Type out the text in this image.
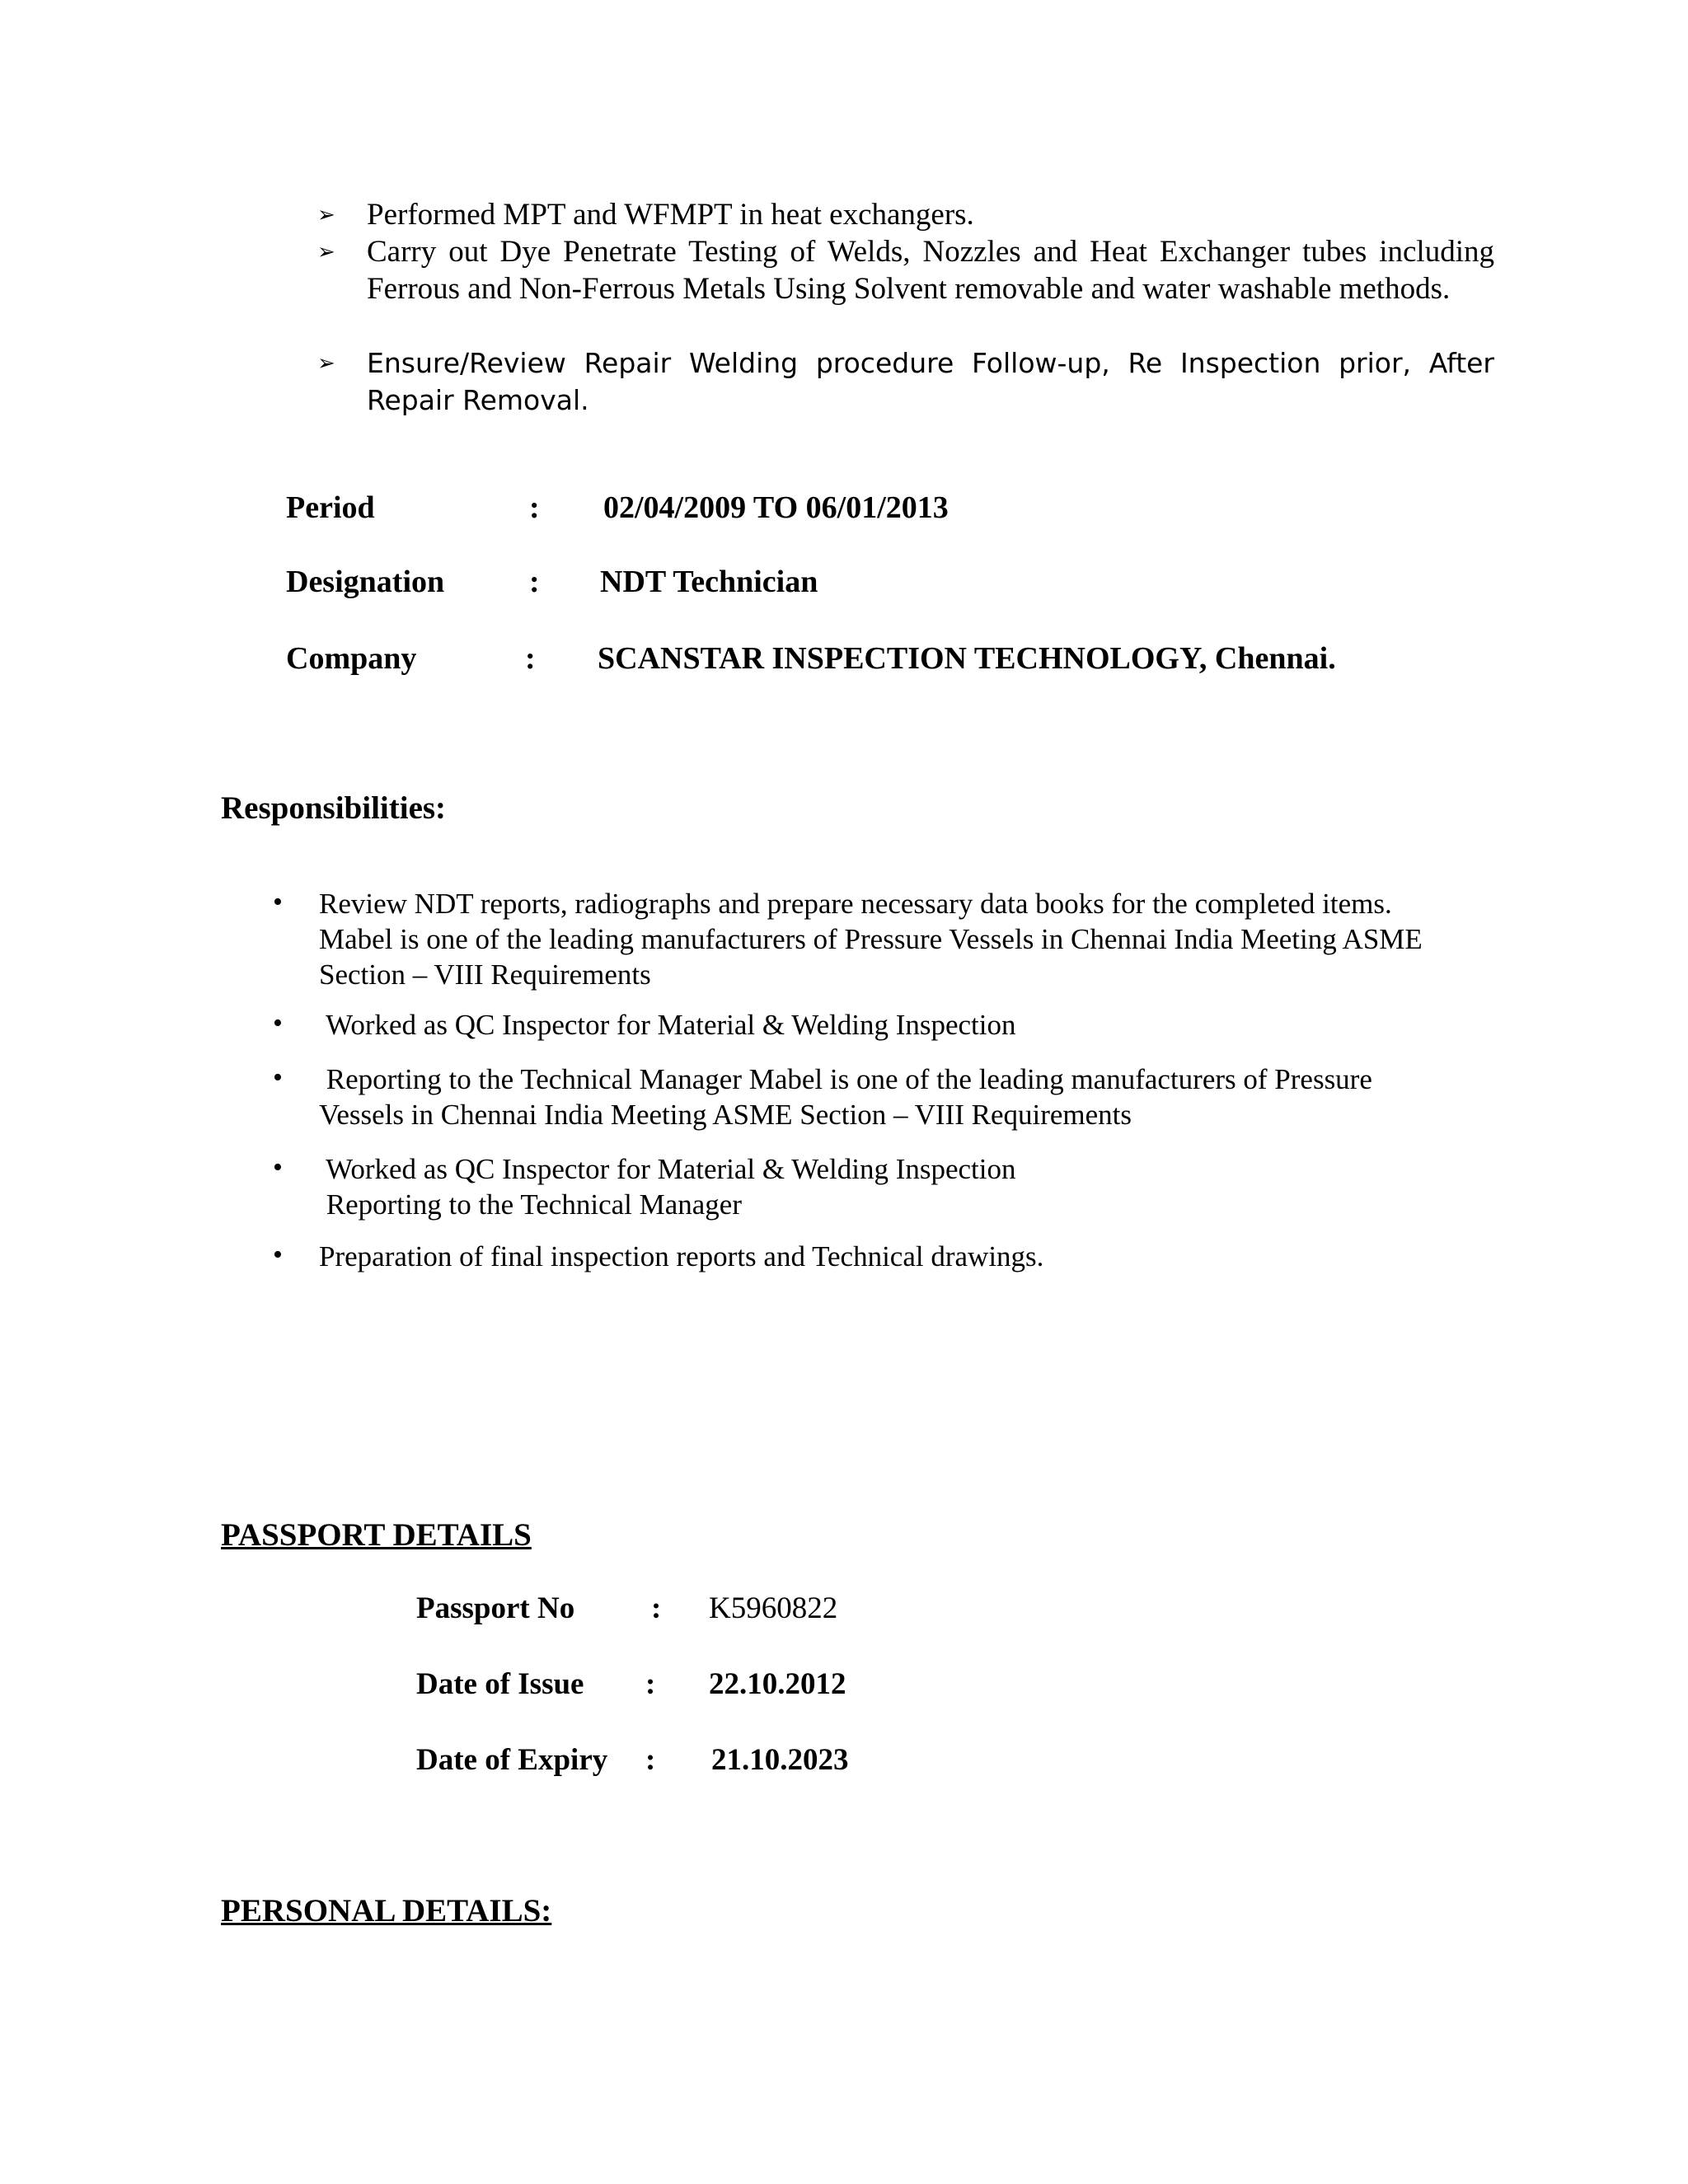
➢ Performed MPT and WFMPT in heat exchangers.
➢ Carry out Dye Penetrate Testing of Welds, Nozzles and Heat Exchanger tubes including Ferrous and Non-Ferrous Metals Using Solvent removable and water washable methods.
➢ Ensure/Review Repair Welding procedure Follow-up, Re Inspection prior, After Repair Removal.
Period	: 02/04/2009 TO 06/01/2013
Designation	: NDT Technician
Company	: SCANSTAR INSPECTION TECHNOLOGY, Chennai.
Responsibilities:
• Review NDT reports, radiographs and prepare necessary data books for the completed items.
Mabel is one of the leading manufacturers of Pressure Vessels in Chennai India Meeting ASME
Section – VIII Requirements
• Worked as QC Inspector for Material & Welding Inspection
• Reporting to the Technical Manager Mabel is one of the leading manufacturers of Pressure
Vessels in Chennai India Meeting ASME Section – VIII Requirements
• Worked as QC Inspector for Material & Welding Inspection
Reporting to the Technical Manager
• Preparation of final inspection reports and Technical drawings.
PASSPORT DETAILS
Passport No	: K5960822
Date of Issue : 22.10.2012
Date of Expiry : 21.10.2023
PERSONAL DETAILS:
